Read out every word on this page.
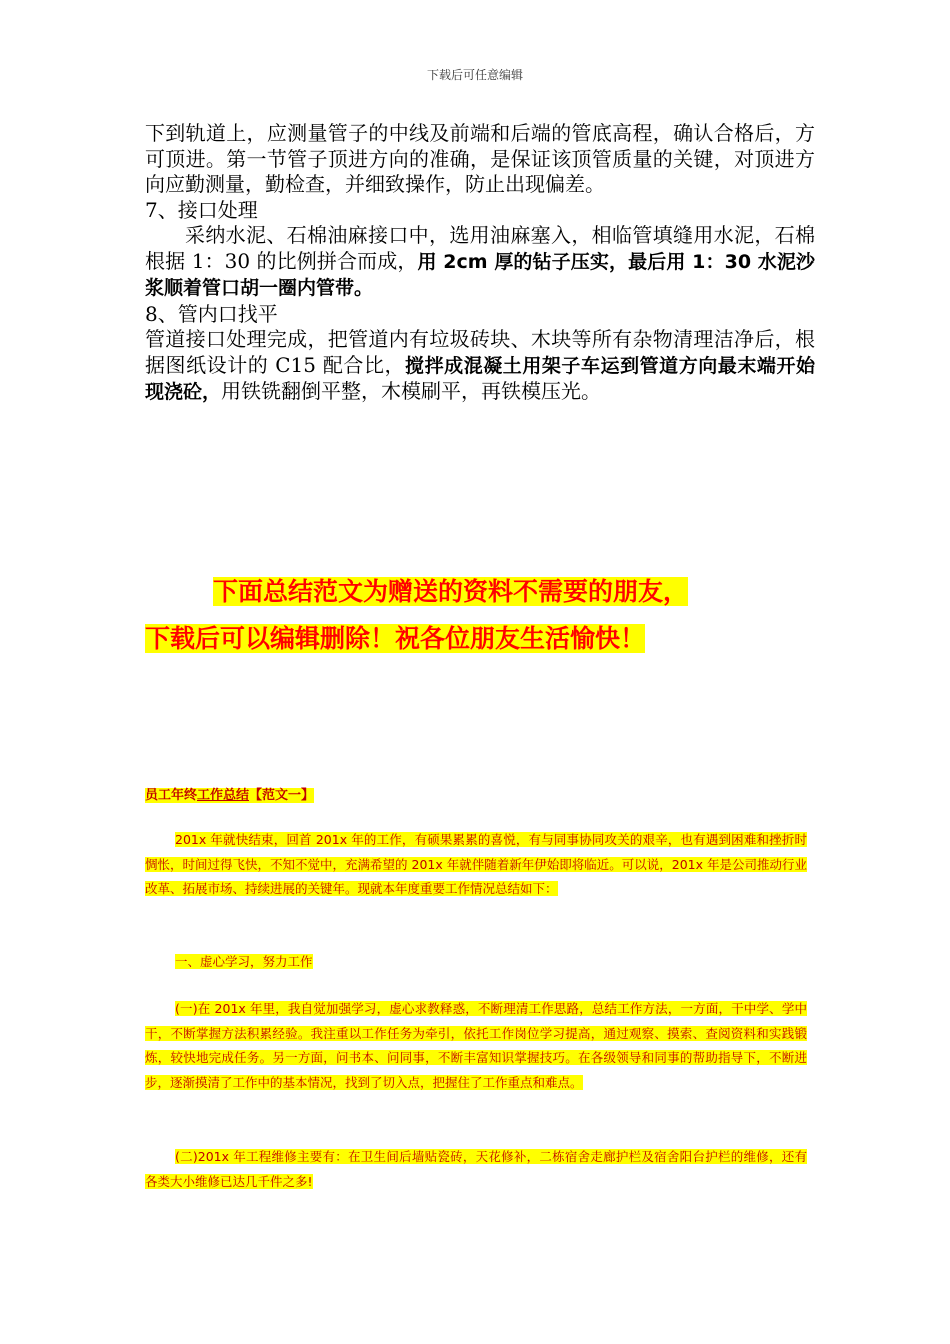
下载后可任意编辑

下到轨道上，应测量管子的中线及前端和后端的管底高程，确认合格后，方可顶进。第一节管子顶进方向的准确，是保证该顶管质量的关键，对顶进方向应勤测量，勤检查，并细致操作，防止出现偏差。

7、接口处理

采纳水泥、石棉油麻接口中，选用油麻塞入，相临管填缝用水泥，石棉根据 1：30 的比例拼合而成，用 2cm 厚的钻子压实，最后用 1：30 水泥沙浆顺着管口胡一圈内管带。

8、管内口找平

管道接口处理完成，把管道内有垃圾砖块、木块等所有杂物清理洁净后，根据图纸设计的 C15 配合比，搅拌成混凝土用架子车运到管道方向最末端开始现浇砼，用铁铣翻倒平整，木模刷平，再铁模压光。

下面总结范文为赠送的资料不需要的朋友，
下载后可以编辑删除！祝各位朋友生活愉快！
员工年终工作总结【范文一】

201x 年就快结束，回首 201x 年的工作，有硕果累累的喜悦，有与同事协同攻关的艰辛，也有遇到困难和挫折时惆怅，时间过得飞快，不知不觉中，充满希望的 201x 年就伴随着新年伊始即将临近。可以说，201x 年是公司推动行业改革、拓展市场、持续进展的关键年。现就本年度重要工作情况总结如下：

一、虚心学习，努力工作

(一)在 201x 年里，我自觉加强学习，虚心求教释惑，不断理清工作思路，总结工作方法，一方面，干中学、学中干，不断掌握方法积累经验。我注重以工作任务为牵引，依托工作岗位学习提高，通过观察、摸索、查阅资料和实践锻炼，较快地完成任务。另一方面，问书本、问同事，不断丰富知识掌握技巧。在各级领导和同事的帮助指导下，不断进步，逐渐摸清了工作中的基本情况，找到了切入点，把握住了工作重点和难点。

(二)201x 年工程维修主要有：在卫生间后墙贴瓷砖，天花修补，二栋宿舍走廊护栏及宿舍阳台护栏的维修，还有各类大小维修已达几千件之多!
